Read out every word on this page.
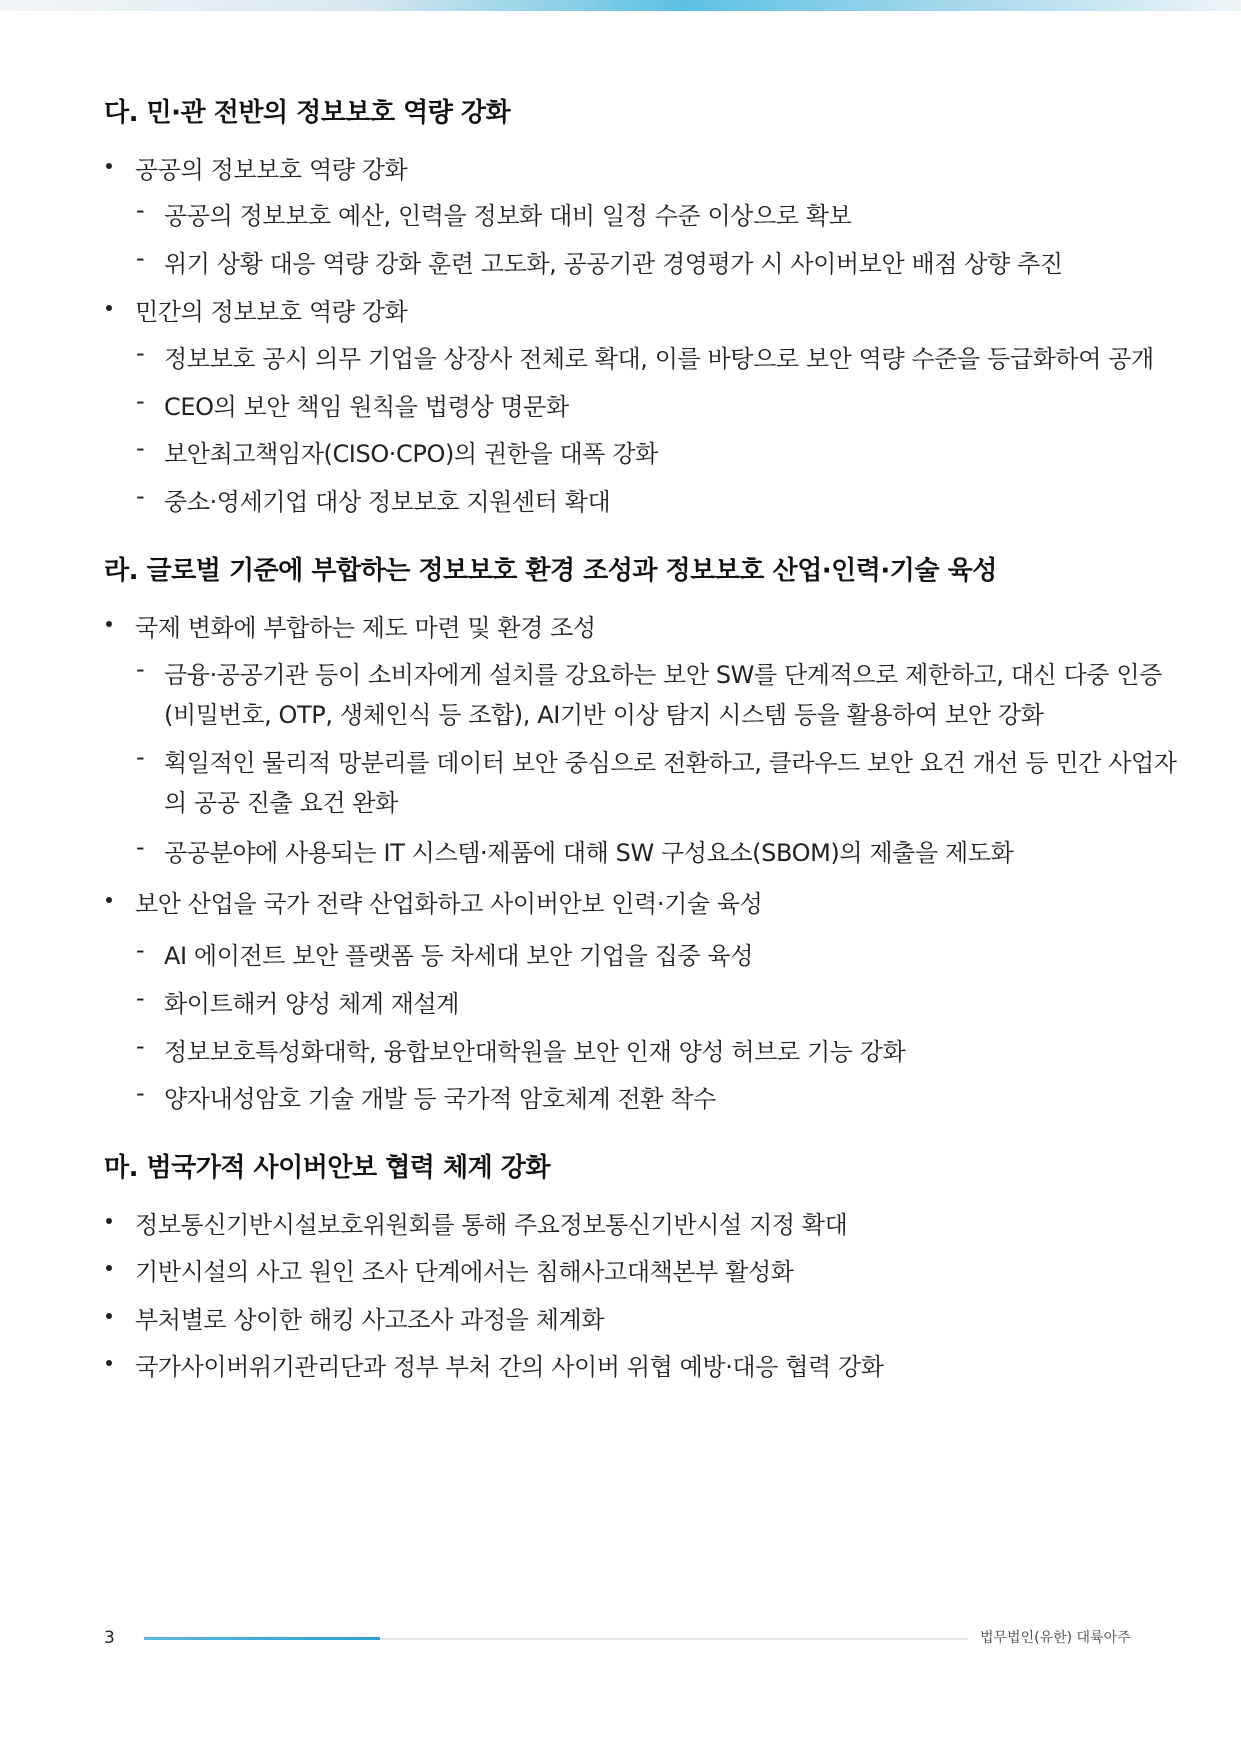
다. 민·관 전반의 정보보호 역량 강화
공공의 정보보호 역량 강화
- 공공의 정보보호 예산, 인력을 정보화 대비 일정 수준 이상으로 확보
- 위기 상황 대응 역량 강화 훈련 고도화, 공공기관 경영평가 시 사이버보안 배점 상향 추진
민간의 정보보호 역량 강화
- 정보보호 공시 의무 기업을 상장사 전체로 확대, 이를 바탕으로 보안 역량 수준을 등급화하여 공개
- CEO의 보안 책임 원칙을 법령상 명문화
- 보안최고책임자(CISO·CPO)의 권한을 대폭 강화
- 중소·영세기업 대상 정보보호 지원센터 확대
라. 글로벌 기준에 부합하는 정보보호 환경 조성과 정보보호 산업·인력·기술 육성
국제 변화에 부합하는 제도 마련 및 환경 조성
- 금융·공공기관 등이 소비자에게 설치를 강요하는 보안 SW를 단계적으로 제한하고, 대신 다중 인증
(비밀번호, OTP, 생체인식 등 조합), AI기반 이상 탐지 시스템 등을 활용하여 보안 강화
- 획일적인 물리적 망분리를 데이터 보안 중심으로 전환하고, 클라우드 보안 요건 개선 등 민간 사업자
의 공공 진출 요건 완화
- 공공분야에 사용되는 IT 시스템·제품에 대해 SW 구성요소(SBOM)의 제출을 제도화
보안 산업을 국가 전략 산업화하고 사이버안보 인력·기술 육성
- AI 에이전트 보안 플랫폼 등 차세대 보안 기업을 집중 육성
- 화이트해커 양성 체계 재설계
- 정보보호특성화대학, 융합보안대학원을 보안 인재 양성 허브로 기능 강화
- 양자내성암호 기술 개발 등 국가적 암호체계 전환 착수
마. 범국가적 사이버안보 협력 체계 강화
정보통신기반시설보호위원회를 통해 주요정보통신기반시설 지정 확대
기반시설의 사고 원인 조사 단계에서는 침해사고대책본부 활성화
부처별로 상이한 해킹 사고조사 과정을 체계화
국가사이버위기관리단과 정부 부처 간의 사이버 위협 예방·대응 협력 강화
3	법무법인(유한) 대륙아주
